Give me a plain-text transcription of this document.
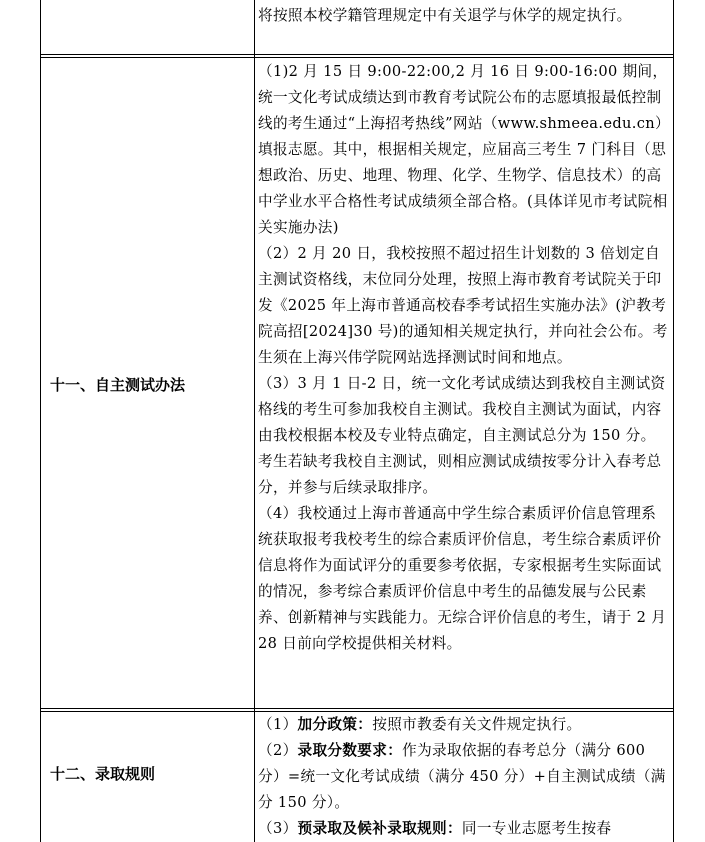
将按照本校学籍管理规定中有关退学与休学的规定执行。

十一、自主测试办法

（1)2 月 15 日 9:00-22:00,2 月 16 日 9:00-16:00 期间，统一文化考试成绩达到市教育考试院公布的志愿填报最低控制线的考生通过“上海招考热线”网站（www.shmeea.edu.cn）填报志愿。其中，根据相关规定，应届高三考生 7 门科目（思想政治、历史、地理、物理、化学、生物学、信息技术）的高中学业水平合格性考试成绩须全部合格。(具体详见市考试院相关实施办法)

（2）2 月 20 日，我校按照不超过招生计划数的 3 倍划定自主测试资格线，末位同分处理，按照上海市教育考试院关于印发《2025 年上海市普通高校春季考试招生实施办法》(沪教考院高招[2024]30 号)的通知相关规定执行，并向社会公布。考生须在上海兴伟学院网站选择测试时间和地点。

（3）3 月 1 日-2 日，统一文化考试成绩达到我校自主测试资格线的考生可参加我校自主测试。我校自主测试为面试，内容由我校根据本校及专业特点确定，自主测试总分为 150 分。考生若缺考我校自主测试，则相应测试成绩按零分计入春考总分，并参与后续录取排序。

（4）我校通过上海市普通高中学生综合素质评价信息管理系统获取报考我校考生的综合素质评价信息，考生综合素质评价信息将作为面试评分的重要参考依据，专家根据考生实际面试的情况，参考综合素质评价信息中考生的品德发展与公民素养、创新精神与实践能力。无综合评价信息的考生，请于 2 月 28 日前向学校提供相关材料。

十二、录取规则

（1）加分政策：按照市教委有关文件规定执行。

（2）录取分数要求：作为录取依据的春考总分（满分 600 分）=统一文化考试成绩（满分 450 分）+自主测试成绩（满分 150 分）。

（3）预录取及候补录取规则：同一专业志愿考生按春
